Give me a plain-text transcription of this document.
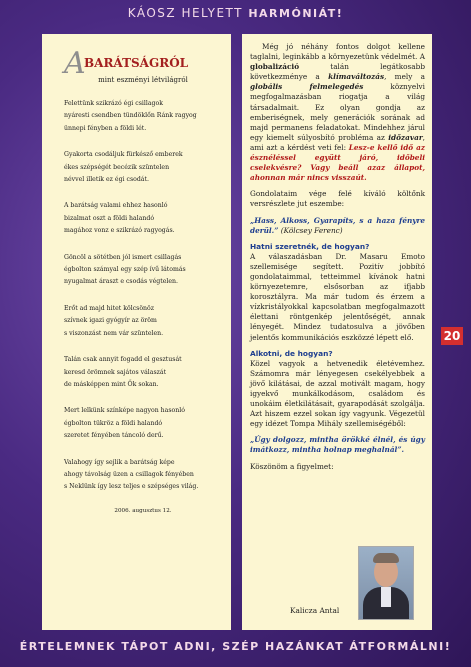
KÁOSZ HELYETT HARMÓNIÁT!
A
BARÁTSÁGRÓL
mint eszményi létvilágról
Felettünk szikrázó égi csillagok
nyáresti csendben tündöklőn Ránk ragyog
ünnepi fényben a földi lét.
Gyakorta csodáljuk fürkésző emberek
ékes szépségét becézik szüntelen
névvel illetik ez égi csodát.
A barátság valami ehhez hasonló
bizalmat oszt a földi halandó
magához vonz e szikrázó ragyogás.
Göncöl a sötétben jól ismert csillagás
égbolton számyal egy szép ívű látomás
nyugalmat áraszt e csodás végtelen.
Erőt ad majd hitet kölcsönöz
szívnek igazi gyógyír az öröm
s viszonzást nem vár szüntelen.
Talán csak annyit fogadd el gesztusát
keresd örömnek sajátos válaszát
de másképpen mint Ők sokan.
Mert lelkünk színképe nagyon hasonló
égbolton tükröz a földi halandó
szeretet fényében táncoló derű.
Valahogy így sejlik a barátság képe
ahogy távolság üzen a csillagok fényében
s Neklünk így lesz teljes e szépséges világ.
2006. augusztus 12.

Még jó néhány fontos dolgot kellene taglalni, leginkább a környezetünk védelmét. A globalizáció talán legátkosabb következménye a klímaváltozás, mely a globális felmelegedés köznyelvi megfogalmazásban riogatja a világ társadalmait. Ez olyan gondja az emberiségnek, mely generációk sorának ad majd permanens feladatokat. Mindehhez járul egy kiemelt súlyosbító probléma az időzavar, ami azt a kérdést veti fel: Lesz-e kellő idő az észnéléssel együtt járó, időbeli cselekvésre? Vagy beáll azaz állapot, ahonnan már nincs visszaút.

Gondolataim vége felé kíváló költőnk versrészlete jut eszembe:

„Hass, Alkoss, Gyarapíts, s a haza fényre derül.” (Kölcsey Ferenc)

Hatni szeretnék, de hogyan?

A válaszadásban Dr. Masaru Emoto szellemisége segített. Pozitív jobbító gondolataimmal, tetteimmel kívánok hatni környezetemre, elsősorban az ifjabb korosztályra. Ma már tudom és érzem a vízkristályokkal kapcsolatban megfogalmazott élettani röntgenkép jelentőségét, annak lényegét. Mindez tudatosulva a jövőben jelentős kommunikációs eszközzé lépett elő.

Alkotni, de hogyan?

Közel vagyok a hetvenedik életévemhez. Számomra már lényegesen csekélyebbek a jövő kilátásai, de azzal motivált magam, hogy igyekvő munkálkodásom, családom és unokáim életkilátásait, gyarapodását szolgálja. Azt hiszem ezzel sokan így vagyunk. Végezetül egy idézet Tompa Mihály szellemiségéből:

„Úgy dolgozz, mintha örökké élnél, és úgy imátkozz, mintha holnap meghalnál”.

Köszönöm a figyelmet:

Kalicza Antal
20
ÉRTELEMNEK TÁPOT ADNI, SZÉP HAZÁNKAT ÁTFORMÁLNI!
